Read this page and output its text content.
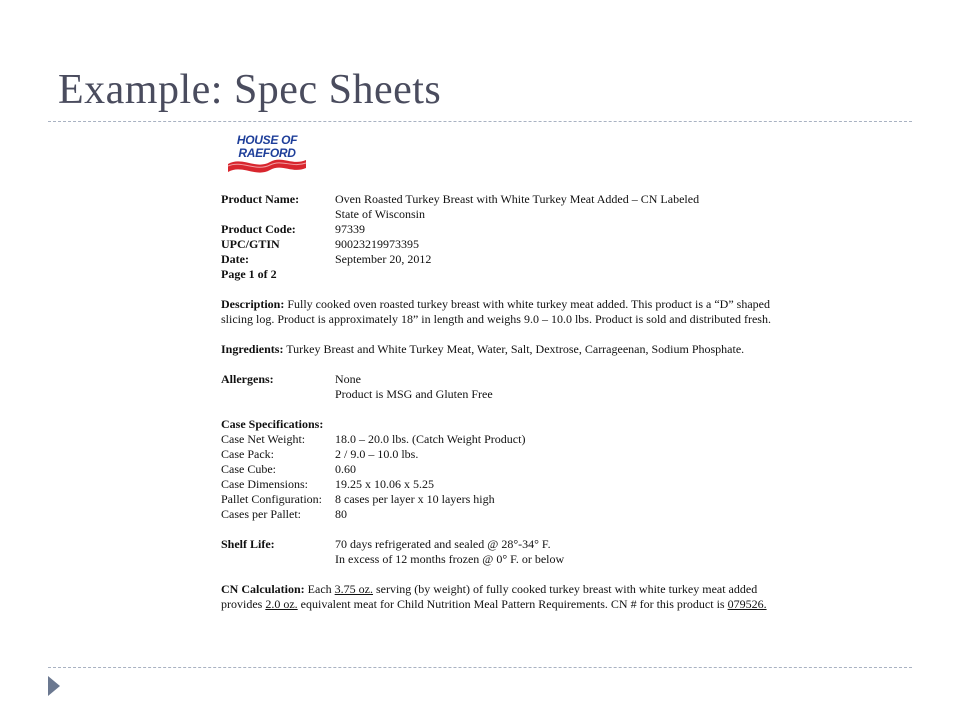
Example: Spec Sheets
HOUSE OF
RAEFORD
Product Name:	Oven Roasted Turkey Breast with White Turkey Meat Added – CN Labeled
State of Wisconsin
Product Code:	97339
UPC/GTIN	90023219973395
Date:	September 20, 2012
Page 1 of 2

Description: Fully cooked oven roasted turkey breast with white turkey meat added. This product is a “D” shaped slicing log. Product is approximately 18” in length and weighs 9.0 – 10.0 lbs. Product is sold and distributed fresh.

Ingredients: Turkey Breast and White Turkey Meat, Water, Salt, Dextrose, Carrageenan, Sodium Phosphate.

Allergens:	None
Product is MSG and Gluten Free
Case Specifications:
Case Net Weight:	18.0 – 20.0 lbs. (Catch Weight Product)
Case Pack:	2 / 9.0 – 10.0 lbs.
Case Cube:	0.60
Case Dimensions:	19.25 x 10.06 x 5.25
Pallet Configuration:	8 cases per layer x 10 layers high
Cases per Pallet:	80
Shelf Life:	70 days refrigerated and sealed @ 28°-34° F.
In excess of 12 months frozen @ 0° F. or below

CN Calculation: Each 3.75 oz. serving (by weight) of fully cooked turkey breast with white turkey meat added provides 2.0 oz. equivalent meat for Child Nutrition Meal Pattern Requirements. CN # for this product is 079526.
